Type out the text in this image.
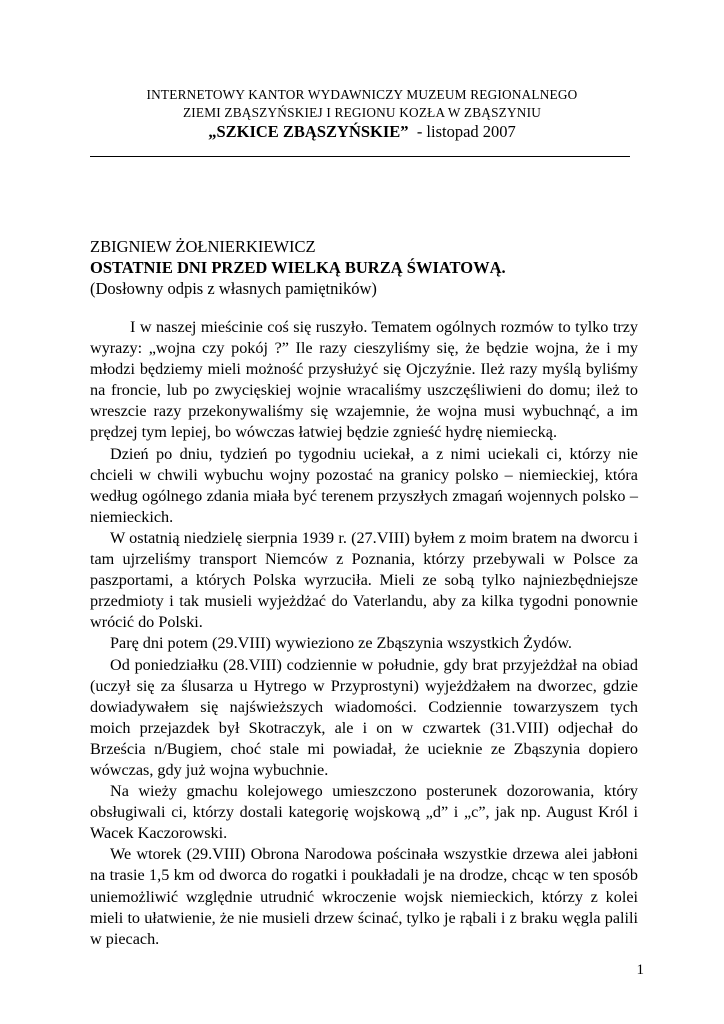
INTERNETOWY KANTOR WYDAWNICZY MUZEUM REGIONALNEGO
ZIEMI ZBĄSZYŃSKIEJ I REGIONU KOZŁA W ZBĄSZYNIU
„SZKICE ZBĄSZYŃSKIE” - listopad 2007
ZBIGNIEW ŻOŁNIERKIEWICZ
OSTATNIE DNI PRZED WIELKĄ BURZĄ ŚWIATOWĄ.
(Dosłowny odpis z własnych pamiętników)

I w naszej mieścinie coś się ruszyło. Tematem ogólnych rozmów to tylko trzy wyrazy: „wojna czy pokój ?” Ile razy cieszyliśmy się, że będzie wojna, że i my młodzi będziemy mieli możność przysłużyć się Ojczyźnie. Ileż razy myślą byliśmy na froncie, lub po zwycięskiej wojnie wracaliśmy uszczęśliwieni do domu; ileż to wreszcie razy przekonywaliśmy się wzajemnie, że wojna musi wybuchnąć, a im prędzej tym lepiej, bo wówczas łatwiej będzie zgnieść hydrę niemiecką.

Dzień po dniu, tydzień po tygodniu uciekał, a z nimi uciekali ci, którzy nie chcieli w chwili wybuchu wojny pozostać na granicy polsko – niemieckiej, która według ogólnego zdania miała być terenem przyszłych zmagań wojennych polsko – niemieckich.

W ostatnią niedzielę sierpnia 1939 r. (27.VIII) byłem z moim bratem na dworcu i tam ujrzeliśmy transport Niemców z Poznania, którzy przebywali w Polsce za paszportami, a których Polska wyrzuciła. Mieli ze sobą tylko najniezbędniejsze przedmioty i tak musieli wyjeżdżać do Vaterlandu, aby za kilka tygodni ponownie wrócić do Polski.

Parę dni potem (29.VIII) wywieziono ze Zbąszynia wszystkich Żydów.

Od poniedziałku (28.VIII) codziennie w południe, gdy brat przyjeżdżał na obiad (uczył się za ślusarza u Hytrego w Przyprostyni) wyjeżdżałem na dworzec, gdzie dowiadywałem się najświeższych wiadomości. Codziennie towarzyszem tych moich przejazdek był Skotraczyk, ale i on w czwartek (31.VIII) odjechał do Brześcia n/Bugiem, choć stale mi powiadał, że ucieknie ze Zbąszynia dopiero wówczas, gdy już wojna wybuchnie.

Na wieży gmachu kolejowego umieszczono posterunek dozorowania, który obsługiwali ci, którzy dostali kategorię wojskową „d” i „c”, jak np. August Król i Wacek Kaczorowski.

We wtorek (29.VIII) Obrona Narodowa pościnała wszystkie drzewa alei jabłoni na trasie 1,5 km od dworca do rogatki i poukładali je na drodze, chcąc w ten sposób uniemożliwić względnie utrudnić wkroczenie wojsk niemieckich, którzy z kolei mieli to ułatwienie, że nie musieli drzew ścinać, tylko je rąbali i z braku węgla palili w piecach.

1
